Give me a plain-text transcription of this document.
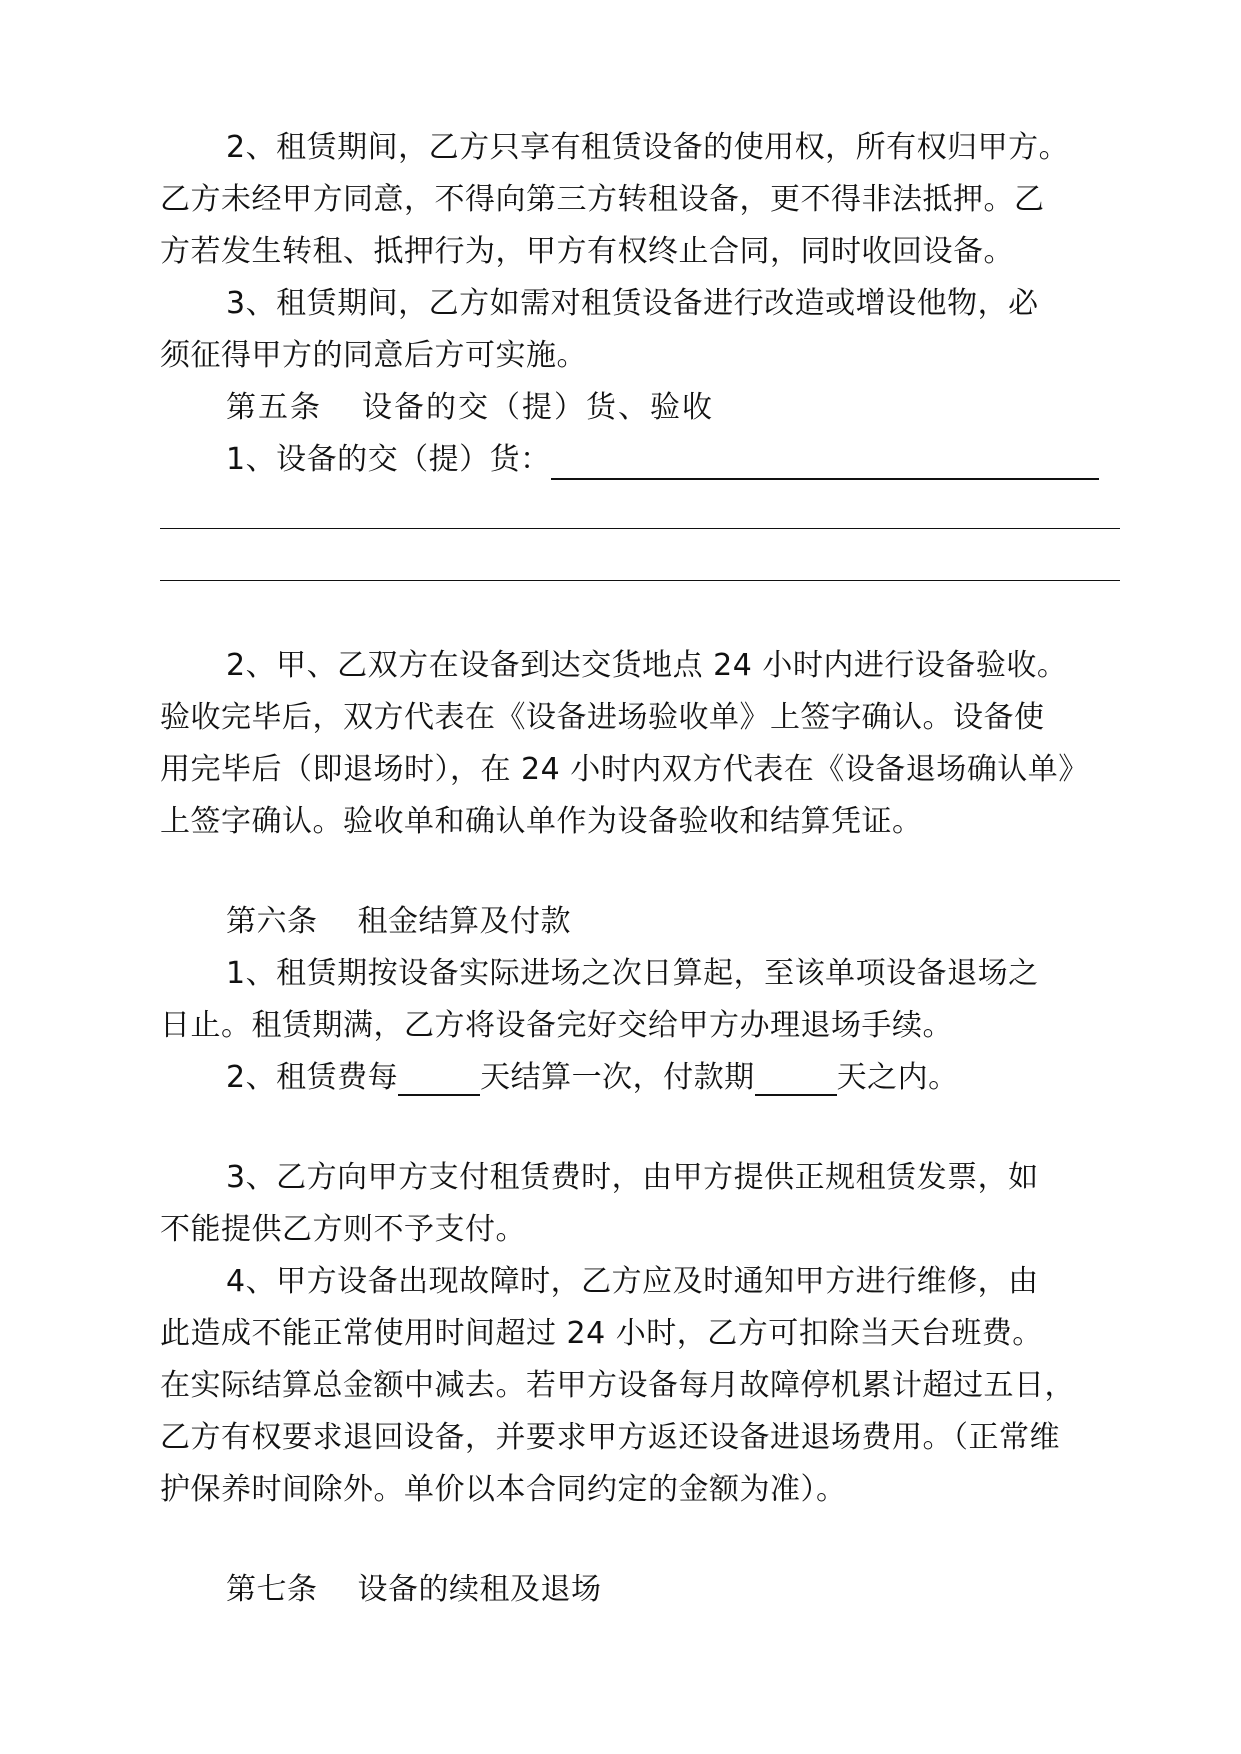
2、租赁期间，乙方只享有租赁设备的使用权，所有权归甲方。
乙方未经甲方同意，不得向第三方转租设备，更不得非法抵押。乙
方若发生转租、抵押行为，甲方有权终止合同，同时收回设备。
3、租赁期间，乙方如需对租赁设备进行改造或增设他物，必
须征得甲方的同意后方可实施。
第五条 设备的交（提）货、验收
1、设备的交（提）货：
2、甲、乙双方在设备到达交货地点 24 小时内进行设备验收。
验收完毕后，双方代表在《设备进场验收单》上签字确认。设备使
用完毕后（即退场时），在 24 小时内双方代表在《设备退场确认单》
上签字确认。验收单和确认单作为设备验收和结算凭证。
第六条 租金结算及付款
1、租赁期按设备实际进场之次日算起，至该单项设备退场之
日止。租赁期满，乙方将设备完好交给甲方办理退场手续。
2、租赁费每	天结算一次，付款期	天之内。
3、乙方向甲方支付租赁费时，由甲方提供正规租赁发票，如
不能提供乙方则不予支付。
4、甲方设备出现故障时，乙方应及时通知甲方进行维修，由
此造成不能正常使用时间超过 24 小时，乙方可扣除当天台班费。
在实际结算总金额中减去。若甲方设备每月故障停机累计超过五日，
乙方有权要求退回设备，并要求甲方返还设备进退场费用。（正常维
护保养时间除外。单价以本合同约定的金额为准）。
第七条 设备的续租及退场
